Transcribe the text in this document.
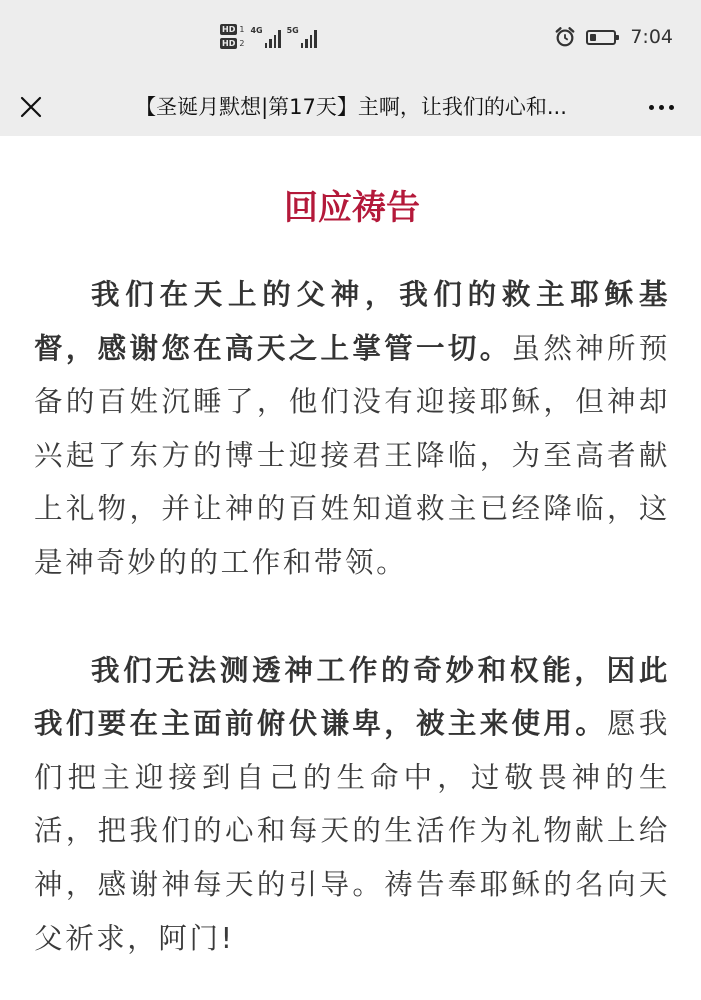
HD 1
HD 2
4G	5G	7:04
【圣诞月默想|第17天】主啊，让我们的心和...
回应祷告

我们在天上的父神，我们的救主耶稣基督，感谢您在高天之上掌管一切。虽然神所预备的百姓沉睡了，他们没有迎接耶稣，但神却兴起了东方的博士迎接君王降临，为至高者献上礼物，并让神的百姓知道救主已经降临，这是神奇妙的的工作和带领。

我们无法测透神工作的奇妙和权能，因此我们要在主面前俯伏谦卑，被主来使用。愿我们把主迎接到自己的生命中，过敬畏神的生活，把我们的心和每天的生活作为礼物献上给神，感谢神每天的引导。祷告奉耶稣的名向天父祈求，阿门!
